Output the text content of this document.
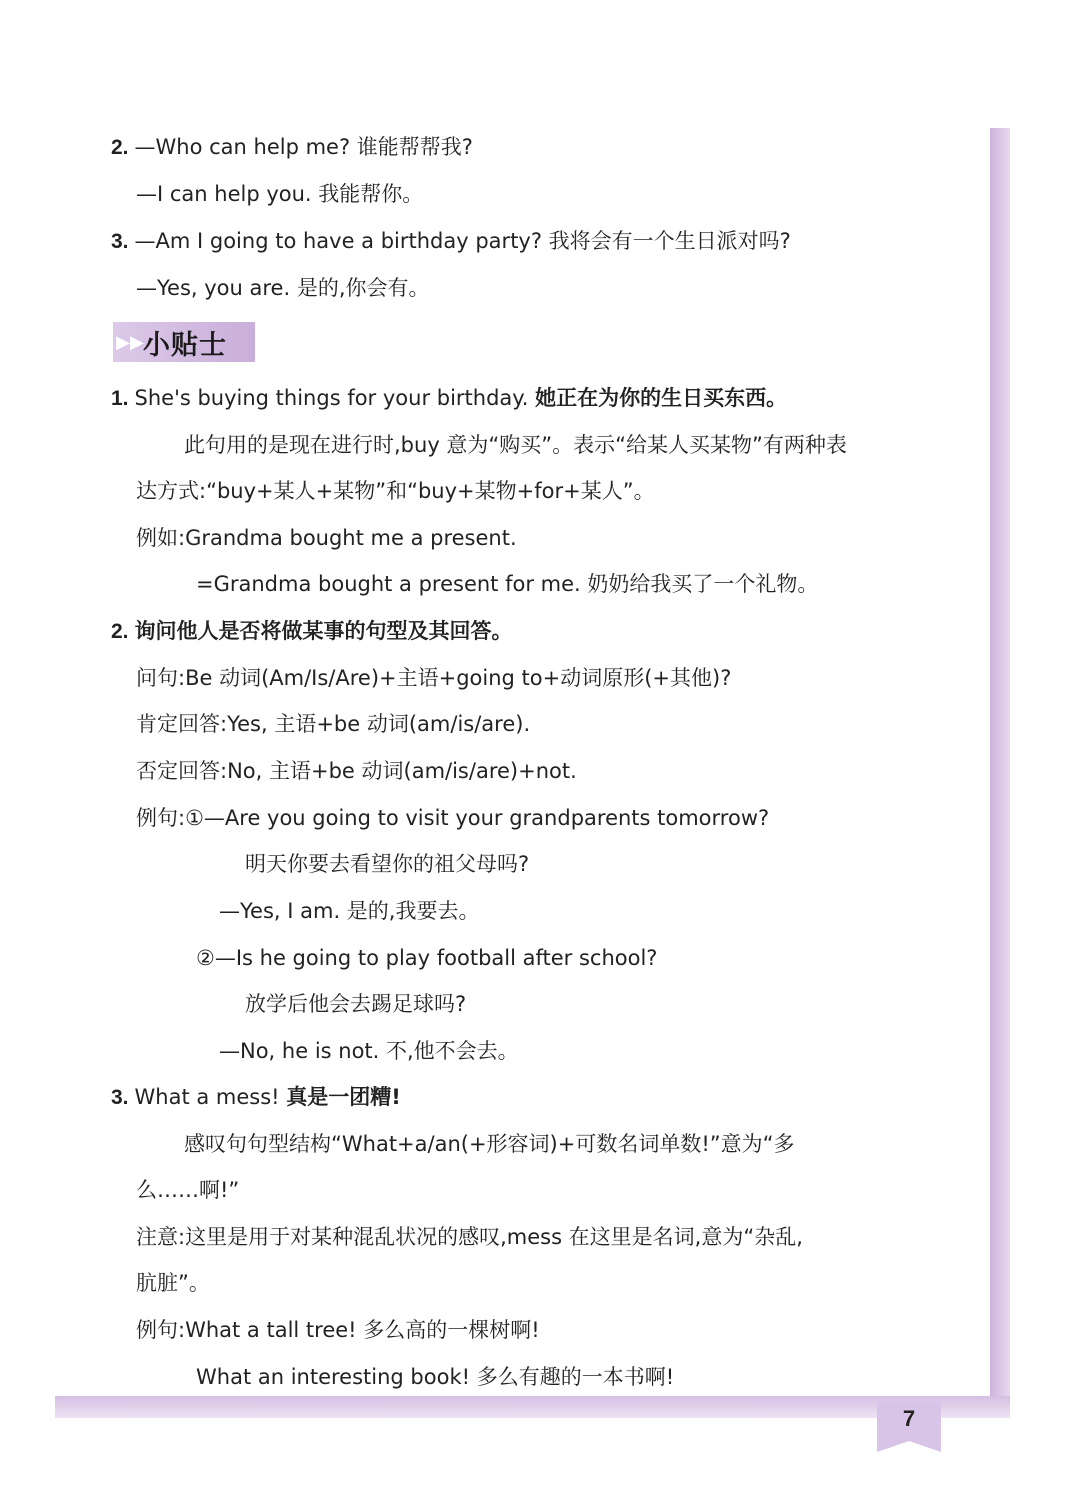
2. —Who can help me? 谁能帮帮我?
—I can help you. 我能帮你。
3. —Am I going to have a birthday party? 我将会有一个生日派对吗?
—Yes, you are. 是的,你会有。
▶▶ 小贴士
1. She's buying things for your birthday. 她正在为你的生日买东西。
此句用的是现在进行时,buy 意为“购买”。表示“给某人买某物”有两种表
达方式:“buy+某人+某物”和“buy+某物+for+某人”。
例如:Grandma bought me a present.
=Grandma bought a present for me. 奶奶给我买了一个礼物。
2. 询问他人是否将做某事的句型及其回答。
问句:Be 动词(Am/Is/Are)+主语+going to+动词原形(+其他)?
肯定回答:Yes, 主语+be 动词(am/is/are).
否定回答:No, 主语+be 动词(am/is/are)+not.
例句:①—Are you going to visit your grandparents tomorrow?
明天你要去看望你的祖父母吗?
—Yes, I am. 是的,我要去。
②—Is he going to play football after school?
放学后他会去踢足球吗?
—No, he is not. 不,他不会去。
3. What a mess! 真是一团糟!
感叹句句型结构“What+a/an(+形容词)+可数名词单数!”意为“多
么……啊!”
注意:这里是用于对某种混乱状况的感叹,mess 在这里是名词,意为“杂乱,
肮脏”。
例句:What a tall tree! 多么高的一棵树啊!
What an interesting book! 多么有趣的一本书啊!
7
